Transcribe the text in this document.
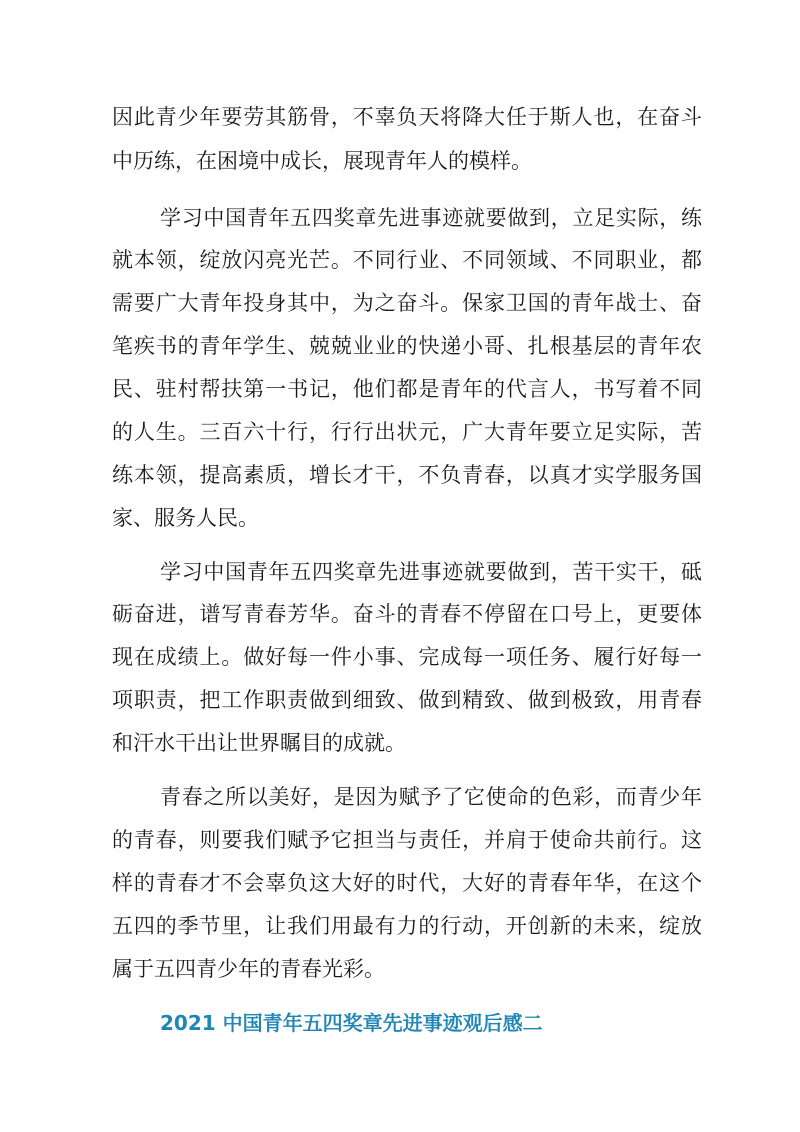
因此青少年要劳其筋骨，不辜负天将降大任于斯人也，在奋斗
中历练，在困境中成长，展现青年人的模样。
学习中国青年五四奖章先进事迹就要做到，立足实际，练
就本领，绽放闪亮光芒。不同行业、不同领域、不同职业，都
需要广大青年投身其中，为之奋斗。保家卫国的青年战士、奋
笔疾书的青年学生、兢兢业业的快递小哥、扎根基层的青年农
民、驻村帮扶第一书记，他们都是青年的代言人，书写着不同
的人生。三百六十行，行行出状元，广大青年要立足实际，苦
练本领，提高素质，增长才干，不负青春，以真才实学服务国
家、服务人民。
学习中国青年五四奖章先进事迹就要做到，苦干实干，砥
砺奋进，谱写青春芳华。奋斗的青春不停留在口号上，更要体
现在成绩上。做好每一件小事、完成每一项任务、履行好每一
项职责，把工作职责做到细致、做到精致、做到极致，用青春
和汗水干出让世界瞩目的成就。
青春之所以美好，是因为赋予了它使命的色彩，而青少年
的青春，则要我们赋予它担当与责任，并肩于使命共前行。这
样的青春才不会辜负这大好的时代，大好的青春年华，在这个
五四的季节里，让我们用最有力的行动，开创新的未来，绽放
属于五四青少年的青春光彩。
2021 中国青年五四奖章先进事迹观后感二
